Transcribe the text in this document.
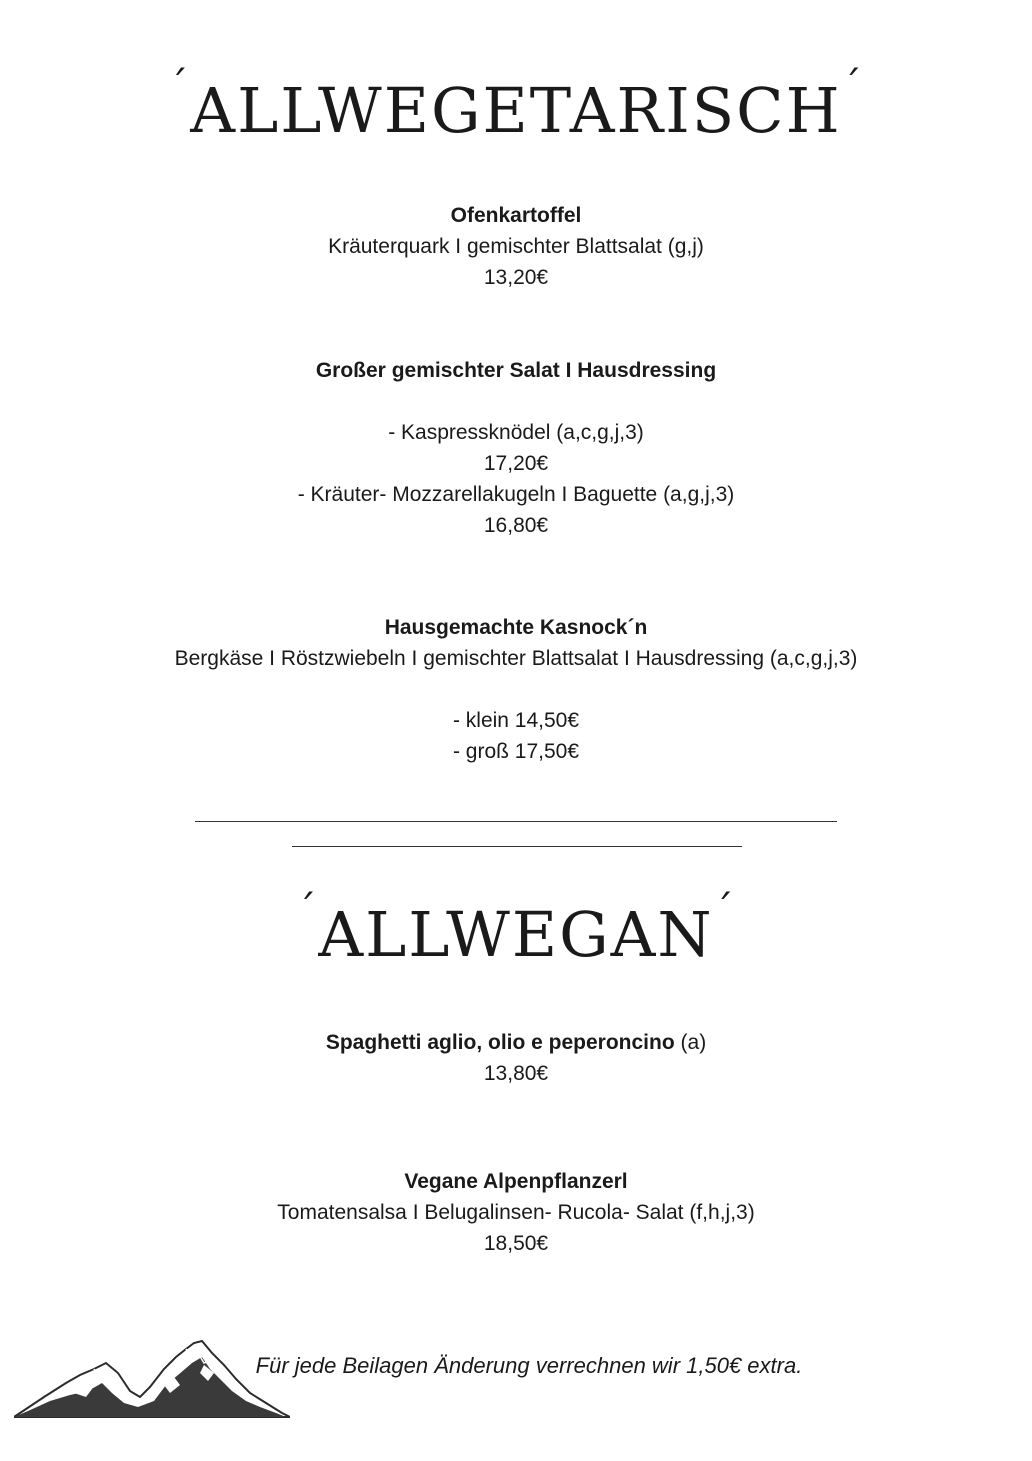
´ALLWEGETARISCH´
Ofenkartoffel
Kräuterquark I gemischter Blattsalat (g,j)
13,20€
Großer gemischter Salat I Hausdressing
- Kaspressknödel (a,c,g,j,3)
17,20€
- Kräuter- Mozzarellakugeln I Baguette (a,g,j,3)
16,80€
Hausgemachte Kasnock´n
Bergkäse I Röstzwiebeln I gemischter Blattsalat I Hausdressing (a,c,g,j,3)
- klein 14,50€
- groß 17,50€
´ALLWEGAN´
Spaghetti aglio, olio e peperoncino (a)
13,80€
Vegane Alpenpflanzerl
Tomatensalsa I Belugalinsen- Rucola- Salat (f,h,j,3)
18,50€
Für jede Beilagen Änderung verrechnen wir 1,50€ extra.
